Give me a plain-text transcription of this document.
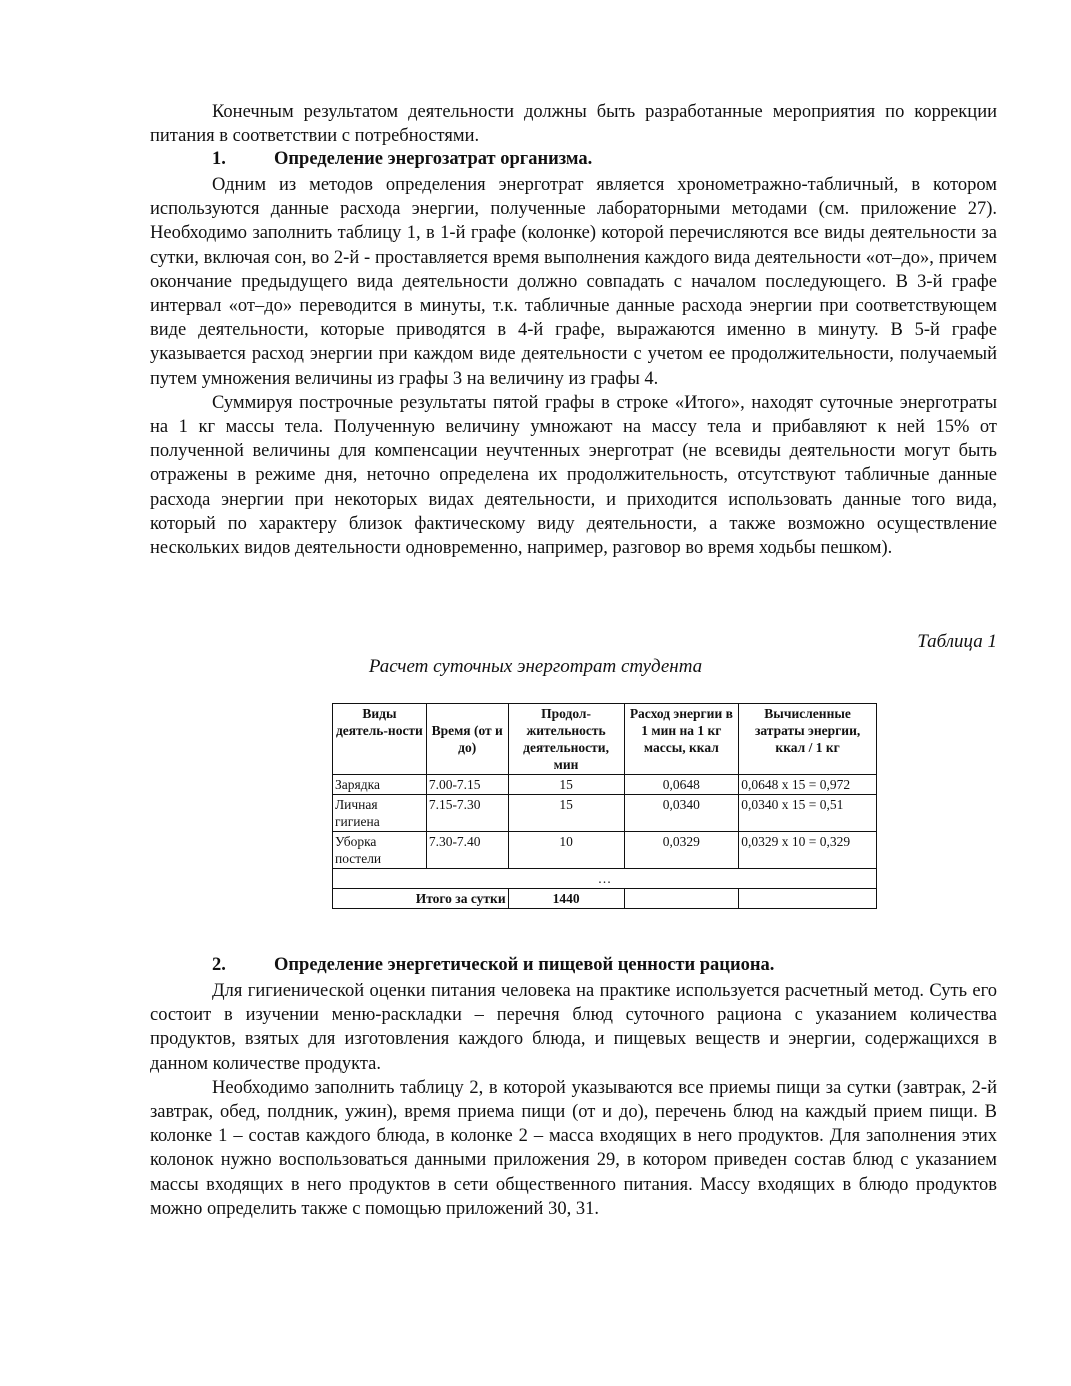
Конечным результатом деятельности должны быть разработанные мероприятия по коррекции питания в соответствии с потребностями.

1.	Определение энергозатрат организма.

Одним из методов определения энерготрат является хронометражно-табличный, в котором используются данные расхода энергии, полученные лабораторными методами (см. приложение 27). Необходимо заполнить таблицу 1, в 1-й графе (колонке) которой перечисляются все виды деятельности за сутки, включая сон, во 2-й - проставляется время выполнения каждого вида деятельности «от–до», причем окончание предыдущего вида деятельности должно совпадать с началом последующего. В 3-й графе интервал «от–до» переводится в минуты, т.к. табличные данные расхода энергии при соответствующем виде деятельности, которые приводятся в 4-й графе, выражаются именно в минуту. В 5-й графе указывается расход энергии при каждом виде деятельности с учетом ее продолжительности, получаемый путем умножения величины из графы 3 на величину из графы 4.

Суммируя построчные результаты пятой графы в строке «Итого», находят суточные энерготраты на 1 кг массы тела. Полученную величину умножают на массу тела и прибавляют к ней 15% от полученной величины для компенсации неучтенных энерготрат (не всевиды деятельности могут быть отражены в режиме дня, неточно определена их продолжительность, отсутствуют табличные данные расхода энергии при некоторых видах деятельности, и приходится использовать данные того вида, который по характеру близок фактическому виду деятельности, а также возможно осуществление нескольких видов деятельности одновременно, например, разговор во время ходьбы пешком).

Таблица 1
Расчет суточных энерготрат студента
Виды деятель-ности	Время (от и до)	Продол-жительность деятельности, мин	Расход энергии в 1 мин на 1 кг массы, ккал	Вычисленные затраты энергии, ккал / 1 кг
Зарядка	7.00-7.15	15	0,0648	0,0648 х 15 = 0,972
Личная гигиена	7.15-7.30	15	0,0340	0,0340 х 15 = 0,51
Уборка постели	7.30-7.40	10	0,0329	0,0329 х 10 = 0,329
…				
Итого за сутки		1440		
2.	Определение энергетической и пищевой ценности рациона.

Для гигиенической оценки питания человека на практике используется расчетный метод. Суть его состоит в изучении меню-раскладки – перечня блюд суточного рациона с указанием количества продуктов, взятых для изготовления каждого блюда, и пищевых веществ и энергии, содержащихся в данном количестве продукта.

Необходимо заполнить таблицу 2, в которой указываются все приемы пищи за сутки (завтрак, 2-й завтрак, обед, полдник, ужин), время приема пищи (от и до), перечень блюд на каждый прием пищи. В колонке 1 – состав каждого блюда, в колонке 2 – масса входящих в него продуктов. Для заполнения этих колонок нужно воспользоваться данными приложения 29, в котором приведен состав блюд с указанием массы входящих в него продуктов в сети общественного питания. Массу входящих в блюдо продуктов можно определить также с помощью приложений 30, 31.
